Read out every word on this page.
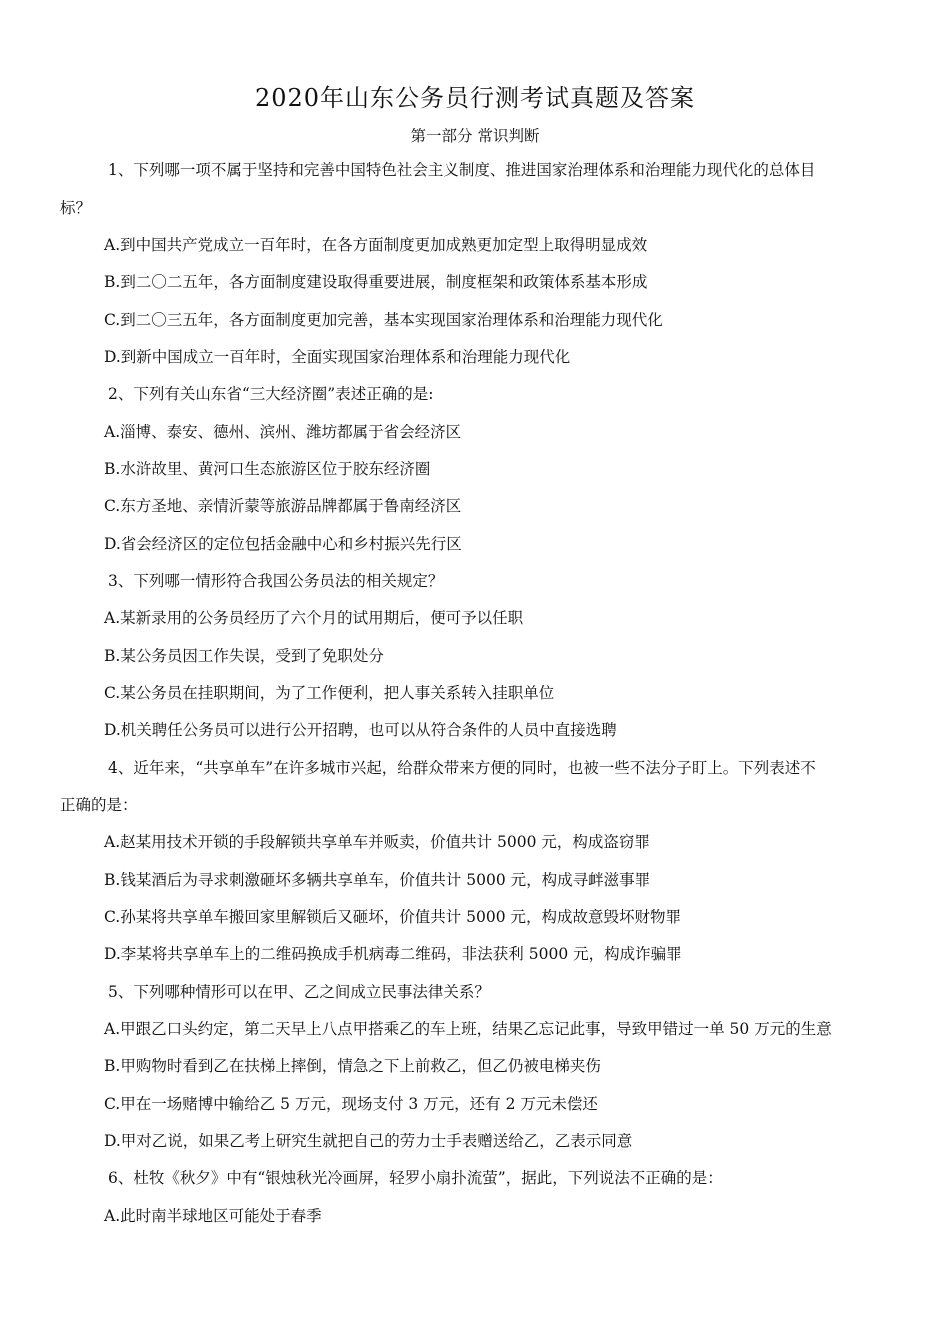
2020年山东公务员行测考试真题及答案
第一部分 常识判断
1、下列哪一项不属于坚持和完善中国特色社会主义制度、推进国家治理体系和治理能力现代化的总体目
标？
A.到中国共产党成立一百年时，在各方面制度更加成熟更加定型上取得明显成效
B.到二〇二五年，各方面制度建设取得重要进展，制度框架和政策体系基本形成
C.到二〇三五年，各方面制度更加完善，基本实现国家治理体系和治理能力现代化
D.到新中国成立一百年时，全面实现国家治理体系和治理能力现代化
2、下列有关山东省“三大经济圈”表述正确的是:
A.淄博、泰安、德州、滨州、潍坊都属于省会经济区
B.水浒故里、黄河口生态旅游区位于胶东经济圈
C.东方圣地、亲情沂蒙等旅游品牌都属于鲁南经济区
D.省会经济区的定位包括金融中心和乡村振兴先行区
3、下列哪一情形符合我国公务员法的相关规定？
A.某新录用的公务员经历了六个月的试用期后，便可予以任职
B.某公务员因工作失误，受到了免职处分
C.某公务员在挂职期间，为了工作便利，把人事关系转入挂职单位
D.机关聘任公务员可以进行公开招聘，也可以从符合条件的人员中直接选聘
4、近年来，“共享单车”在许多城市兴起，给群众带来方便的同时，也被一些不法分子盯上。下列表述不
正确的是：
A.赵某用技术开锁的手段解锁共享单车并贩卖，价值共计 5000 元，构成盗窃罪
B.钱某酒后为寻求刺激砸坏多辆共享单车，价值共计 5000 元，构成寻衅滋事罪
C.孙某将共享单车搬回家里解锁后又砸坏，价值共计 5000 元，构成故意毁坏财物罪
D.李某将共享单车上的二维码换成手机病毒二维码，非法获利 5000 元，构成诈骗罪
5、下列哪种情形可以在甲、乙之间成立民事法律关系？
A.甲跟乙口头约定，第二天早上八点甲搭乘乙的车上班，结果乙忘记此事，导致甲错过一单 50 万元的生意
B.甲购物时看到乙在扶梯上摔倒，情急之下上前救乙，但乙仍被电梯夹伤
C.甲在一场赌博中输给乙 5 万元，现场支付 3 万元，还有 2 万元未偿还
D.甲对乙说，如果乙考上研究生就把自己的劳力士手表赠送给乙，乙表示同意
6、杜牧《秋夕》中有“银烛秋光冷画屏，轻罗小扇扑流萤”，据此，下列说法不正确的是：
A.此时南半球地区可能处于春季
